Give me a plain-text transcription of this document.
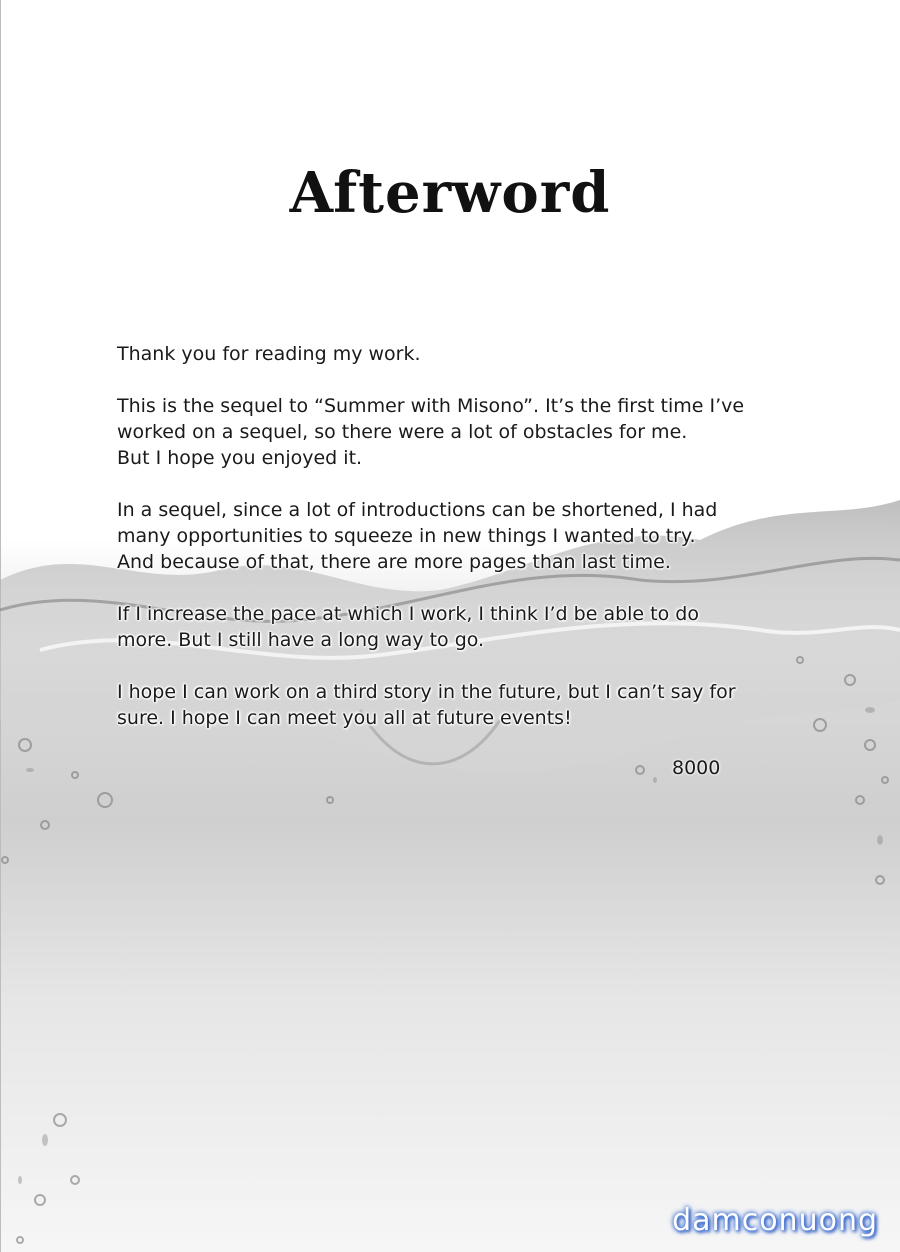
Afterword

Thank you for reading my work.

This is the sequel to “Summer with Misono”. It’s the first time I’ve
worked on a sequel, so there were a lot of obstacles for me.
But I hope you enjoyed it.

In a sequel, since a lot of introductions can be shortened, I had
many opportunities to squeeze in new things I wanted to try.
And because of that, there are more pages than last time.

If I increase the pace at which I work, I think I’d be able to do
more. But I still have a long way to go.

I hope I can work on a third story in the future, but I can’t say for
sure. I hope I can meet you all at future events!

8000
damconuong
